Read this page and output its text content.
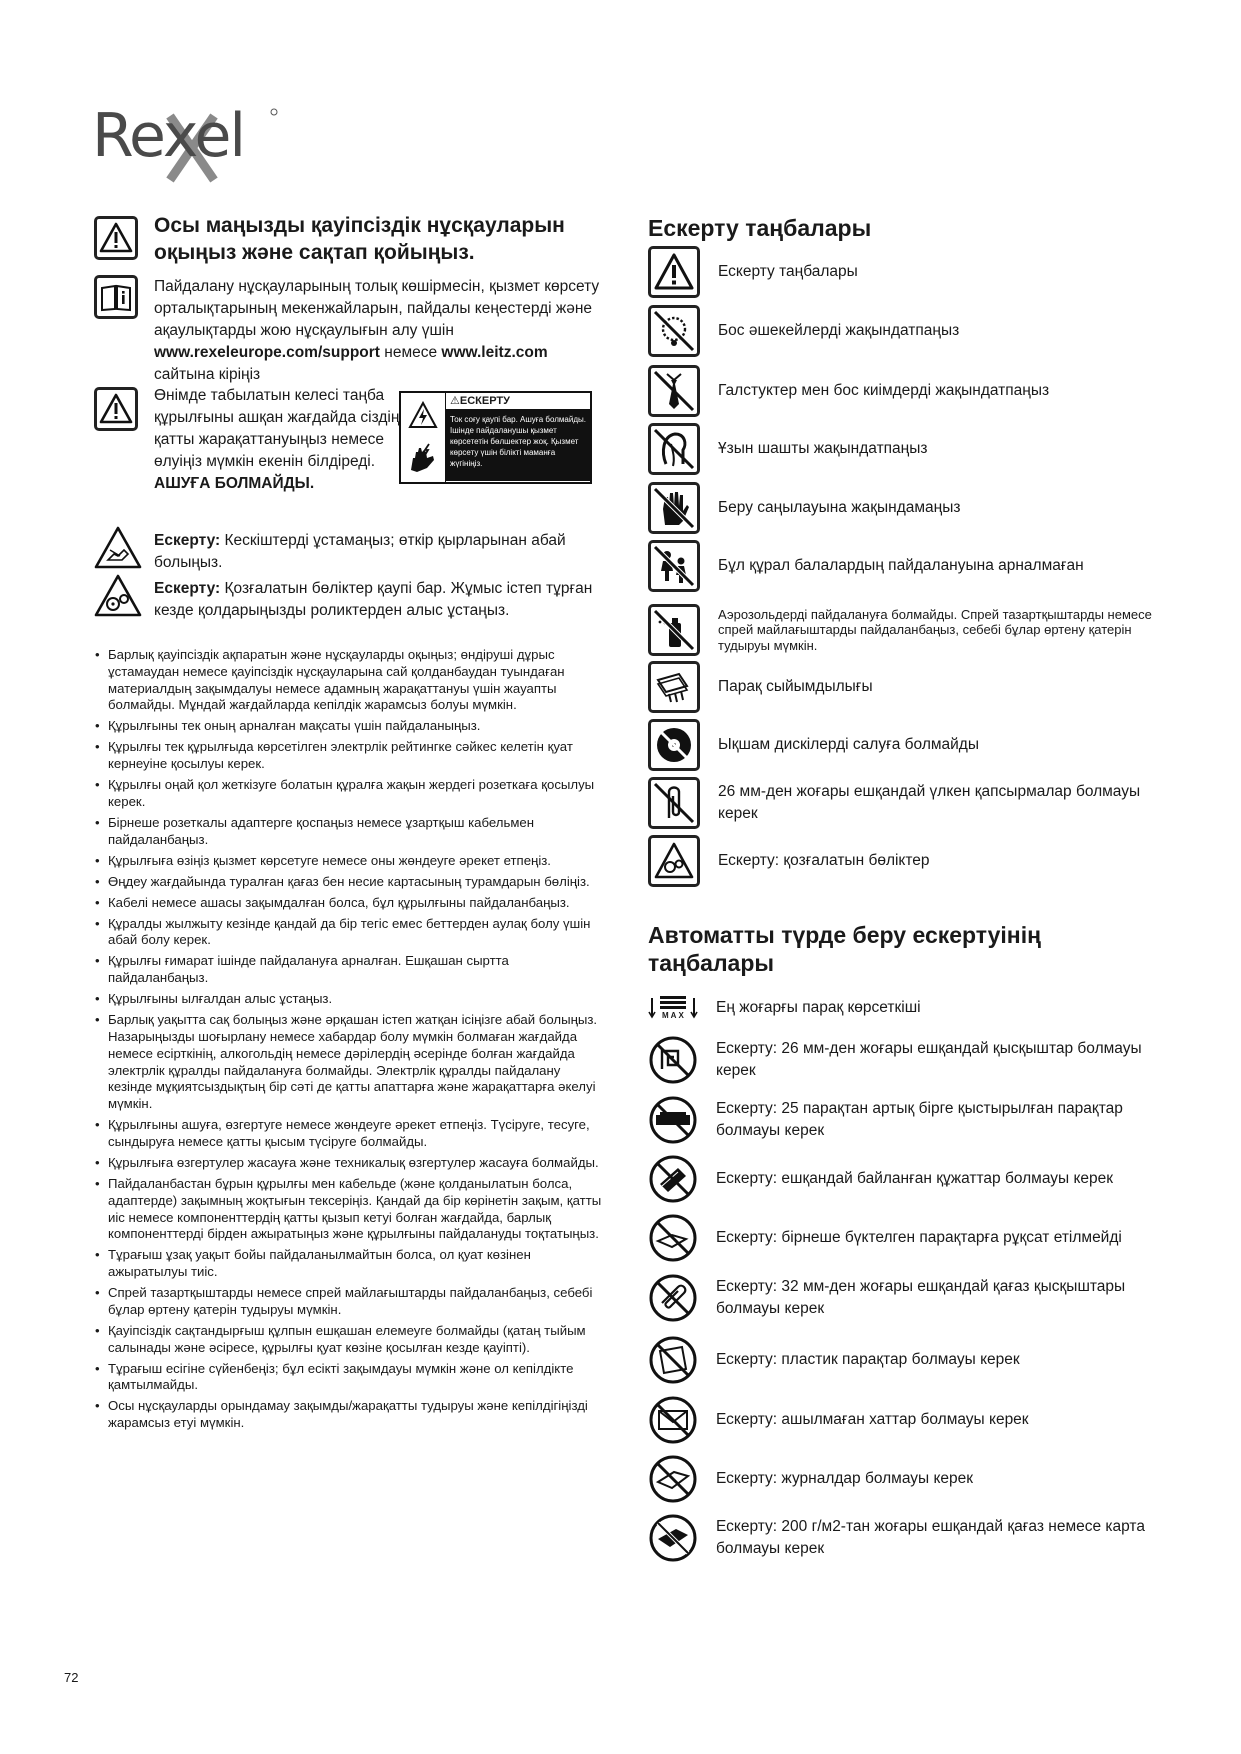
Rexel
Осы маңызды қауіпсіздік нұсқауларын оқыңыз және сақтап қойыңыз.
Пайдалану нұсқауларының толық көшірмесін, қызмет көрсету орталықтарының мекенжайларын, пайдалы кеңестерді және ақаулықтарды жою нұсқаулығын алу үшін www.rexeleurope.com/support немесе www.leitz.com сайтына кіріңіз
Өнімде табылатын келесі таңба құрылғыны ашқан жағдайда сіздің қатты жарақаттануыңыз немесе өлуіңіз мүмкін екенін білдіреді.
АШУҒА БОЛМАЙДЫ.
⚠ЕСКЕРТУ
Ток соғу қаупі бар. Ашуға болмайды. Ішінде пайдаланушы қызмет көрсететін бөлшектер жоқ. Қызмет көрсету үшін білікті маманға жүгініңіз.
Ескерту: Кескіштерді ұстамаңыз; өткір қырларынан абай болыңыз.
Ескерту: Қозғалатын бөліктер қаупі бар. Жұмыс істеп тұрған кезде қолдарыңызды роликтерден алыс ұстаңыз.
• Барлық қауіпсіздік ақпаратын және нұсқауларды оқыңыз; өндіруші дұрыс ұстамаудан немесе қауіпсіздік нұсқауларына сай қолданбаудан туындаған материалдың зақымдалуы немесе адамның жарақаттануы үшін жауапты болмайды. Мұндай жағдайларда кепілдік жарамсыз болуы мүмкін.
• Құрылғыны тек оның арналған мақсаты үшін пайдаланыңыз.
• Құрылғы тек құрылғыда көрсетілген электрлік рейтингке сәйкес келетін қуат кернеуіне қосылуы керек.
• Құрылғы оңай қол жеткізуге болатын құралға жақын жердегі розеткаға қосылуы керек.
• Бірнеше розеткалы адаптерге қоспаңыз немесе ұзартқыш кабельмен пайдаланбаңыз.
• Құрылғыға өзіңіз қызмет көрсетуге немесе оны жөндеуге әрекет етпеңіз.
• Өңдеу жағдайында туралған қағаз бен несие картасының турамдарын бөліңіз.
• Кабелі немесе ашасы зақымдалған болса, бұл құрылғыны пайдаланбаңыз.
• Құралды жылжыту кезінде қандай да бір тегіс емес беттерден аулақ болу үшін абай болу керек.
• Құрылғы ғимарат ішінде пайдалануға арналған. Ешқашан сыртта пайдаланбаңыз.
• Құрылғыны ылғалдан алыс ұстаңыз.
• Барлық уақытта сақ болыңыз және әрқашан істеп жатқан ісіңізге абай болыңыз. Назарыңызды шоғырлану немесе хабардар болу мүмкін болмаған жағдайда немесе есірткінің, алкогольдің немесе дәрілердің әсерінде болған жағдайда электрлік құралды пайдалануға болмайды. Электрлік құралды пайдалану кезінде мұқиятсыздықтың бір сәті де қатты апаттарға және жарақаттарға әкелуі мүмкін.
• Құрылғыны ашуға, өзгертуге немесе жөндеуге әрекет етпеңіз. Түсіруге, тесуге, сындыруға немесе қатты қысым түсіруге болмайды.
• Құрылғыға өзгертулер жасауға және техникалық өзгертулер жасауға болмайды.
• Пайдаланбастан бұрын құрылғы мен кабельде (және қолданылатын болса, адаптерде) зақымның жоқтығын тексеріңіз. Қандай да бір көрінетін зақым, қатты иіс немесе компоненттердің қатты қызып кетуі болған жағдайда, барлық компоненттерді бірден ажыратыңыз және құрылғыны пайдалануды тоқтатыңыз.
• Тұрағыш ұзақ уақыт бойы пайдаланылмайтын болса, ол қуат көзінен ажыратылуы тиіс.
• Спрей тазартқыштарды немесе спрей майлағыштарды пайдаланбаңыз, себебі бұлар өртену қатерін тудыруы мүмкін.
• Қауіпсіздік сақтандырғыш құлпын ешқашан елемеуге болмайды (қатаң тыйым салынады және әсіресе, құрылғы қуат көзіне қосылған кезде қауіпті).
• Тұрағыш есігіне сүйенбеңіз; бұл есікті зақымдауы мүмкін және ол кепілдікте қамтылмайды.
• Осы нұсқауларды орындамау зақымды/жарақатты тудыруы және кепілдігіңізді жарамсыз етуі мүмкін.
Ескерту таңбалары
Ескерту таңбалары
Бос әшекейлерді жақындатпаңыз
Галстуктер мен бос киімдерді жақындатпаңыз
Ұзын шашты жақындатпаңыз
Беру саңылауына жақындамаңыз
Бұл құрал балалардың пайдалануына арналмаған
Аэрозольдерді пайдалануға болмайды. Спрей тазартқыштарды немесе спрей майлағыштарды пайдаланбаңыз, себебі бұлар өртену қатерін тудыруы мүмкін.
Парақ сыйымдылығы
Ықшам дискілерді салуға болмайды
26 мм-ден жоғары ешқандай үлкен қапсырмалар болмауы керек
Ескерту: қозғалатын бөліктер
Автоматты түрде беру ескертуінің таңбалары
MAX Ең жоғарғы парақ көрсеткіші
Ескерту: 26 мм-ден жоғары ешқандай қысқыштар болмауы керек
Ескерту: 25 парақтан артық бірге қыстырылған парақтар болмауы керек
Ескерту: ешқандай байланған құжаттар болмауы керек
Ескерту: бірнеше бүктелген парақтарға рұқсат етілмейді
Ескерту: 32 мм-ден жоғары ешқандай қағаз қысқыштары болмауы керек
Ескерту: пластик парақтар болмауы керек
Ескерту: ашылмаған хаттар болмауы керек
Ескерту: журналдар болмауы керек
Ескерту: 200 г/м2-тан жоғары ешқандай қағаз немесе карта болмауы керек
72
